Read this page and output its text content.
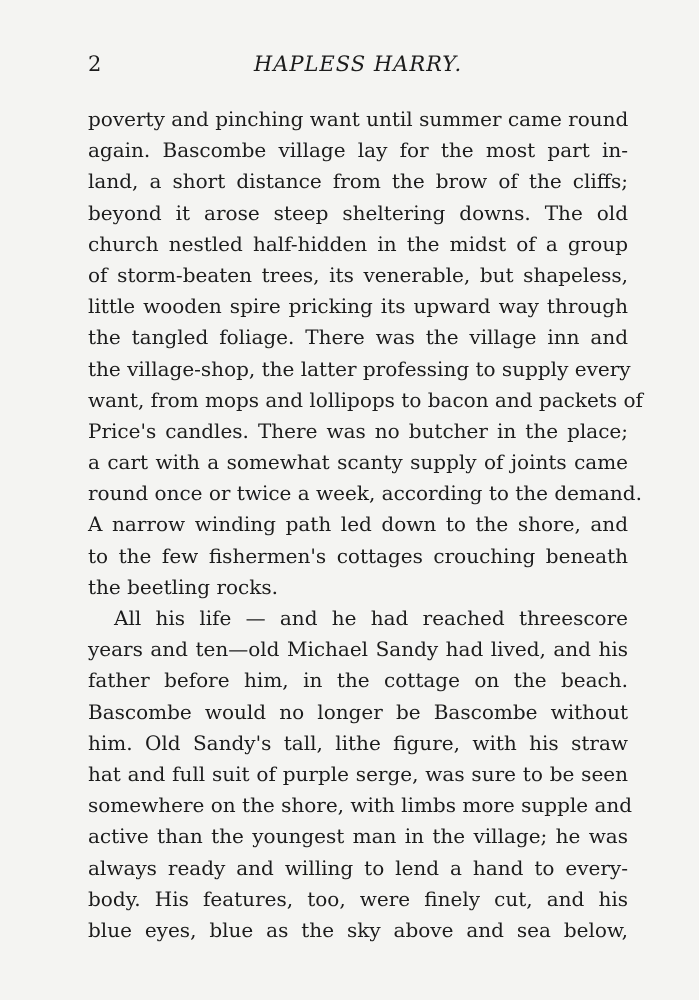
2	HAPLESS HARRY.
poverty and pinching want until summer came round
again. Bascombe village lay for the most part in-
land, a short distance from the brow of the cliffs;
beyond it arose steep sheltering downs. The old
church nestled half-hidden in the midst of a group
of storm-beaten trees, its venerable, but shapeless,
little wooden spire pricking its upward way through
the tangled foliage. There was the village inn and
the village-shop, the latter professing to supply every
want, from mops and lollipops to bacon and packets of
Price's candles. There was no butcher in the place;
a cart with a somewhat scanty supply of joints came
round once or twice a week, according to the demand.
A narrow winding path led down to the shore, and
to the few fishermen's cottages crouching beneath
the beetling rocks.
All his life — and he had reached threescore
years and ten—old Michael Sandy had lived, and his
father before him, in the cottage on the beach.
Bascombe would no longer be Bascombe without
him. Old Sandy's tall, lithe figure, with his straw
hat and full suit of purple serge, was sure to be seen
somewhere on the shore, with limbs more supple and
active than the youngest man in the village; he was
always ready and willing to lend a hand to every-
body. His features, too, were finely cut, and his
blue eyes, blue as the sky above and sea below,
